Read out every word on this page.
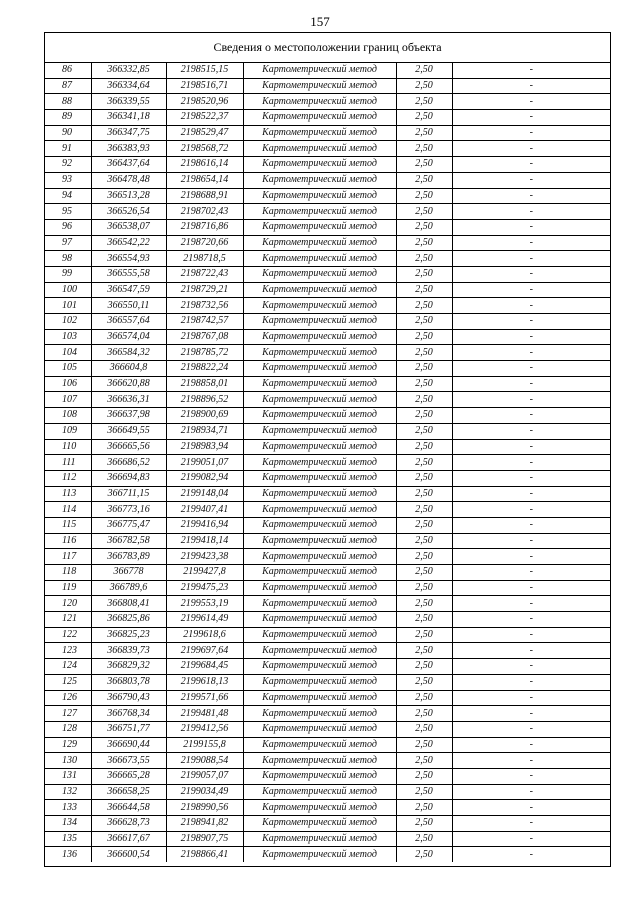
157
Сведения о местоположении границ объекта
86	366332,85	2198515,15	Картометрический метод	2,50	-
87	366334,64	2198516,71	Картометрический метод	2,50	-
88	366339,55	2198520,96	Картометрический метод	2,50	-
89	366341,18	2198522,37	Картометрический метод	2,50	-
90	366347,75	2198529,47	Картометрический метод	2,50	-
91	366383,93	2198568,72	Картометрический метод	2,50	-
92	366437,64	2198616,14	Картометрический метод	2,50	-
93	366478,48	2198654,14	Картометрический метод	2,50	-
94	366513,28	2198688,91	Картометрический метод	2,50	-
95	366526,54	2198702,43	Картометрический метод	2,50	-
96	366538,07	2198716,86	Картометрический метод	2,50	-
97	366542,22	2198720,66	Картометрический метод	2,50	-
98	366554,93	2198718,5	Картометрический метод	2,50	-
99	366555,58	2198722,43	Картометрический метод	2,50	-
100	366547,59	2198729,21	Картометрический метод	2,50	-
101	366550,11	2198732,56	Картометрический метод	2,50	-
102	366557,64	2198742,57	Картометрический метод	2,50	-
103	366574,04	2198767,08	Картометрический метод	2,50	-
104	366584,32	2198785,72	Картометрический метод	2,50	-
105	366604,8	2198822,24	Картометрический метод	2,50	-
106	366620,88	2198858,01	Картометрический метод	2,50	-
107	366636,31	2198896,52	Картометрический метод	2,50	-
108	366637,98	2198900,69	Картометрический метод	2,50	-
109	366649,55	2198934,71	Картометрический метод	2,50	-
110	366665,56	2198983,94	Картометрический метод	2,50	-
111	366686,52	2199051,07	Картометрический метод	2,50	-
112	366694,83	2199082,94	Картометрический метод	2,50	-
113	366711,15	2199148,04	Картометрический метод	2,50	-
114	366773,16	2199407,41	Картометрический метод	2,50	-
115	366775,47	2199416,94	Картометрический метод	2,50	-
116	366782,58	2199418,14	Картометрический метод	2,50	-
117	366783,89	2199423,38	Картометрический метод	2,50	-
118	366778	2199427,8	Картометрический метод	2,50	-
119	366789,6	2199475,23	Картометрический метод	2,50	-
120	366808,41	2199553,19	Картометрический метод	2,50	-
121	366825,86	2199614,49	Картометрический метод	2,50	-
122	366825,23	2199618,6	Картометрический метод	2,50	-
123	366839,73	2199697,64	Картометрический метод	2,50	-
124	366829,32	2199684,45	Картометрический метод	2,50	-
125	366803,78	2199618,13	Картометрический метод	2,50	-
126	366790,43	2199571,66	Картометрический метод	2,50	-
127	366768,34	2199481,48	Картометрический метод	2,50	-
128	366751,77	2199412,56	Картометрический метод	2,50	-
129	366690,44	2199155,8	Картометрический метод	2,50	-
130	366673,55	2199088,54	Картометрический метод	2,50	-
131	366665,28	2199057,07	Картометрический метод	2,50	-
132	366658,25	2199034,49	Картометрический метод	2,50	-
133	366644,58	2198990,56	Картометрический метод	2,50	-
134	366628,73	2198941,82	Картометрический метод	2,50	-
135	366617,67	2198907,75	Картометрический метод	2,50	-
136	366600,54	2198866,41	Картометрический метод	2,50	-
